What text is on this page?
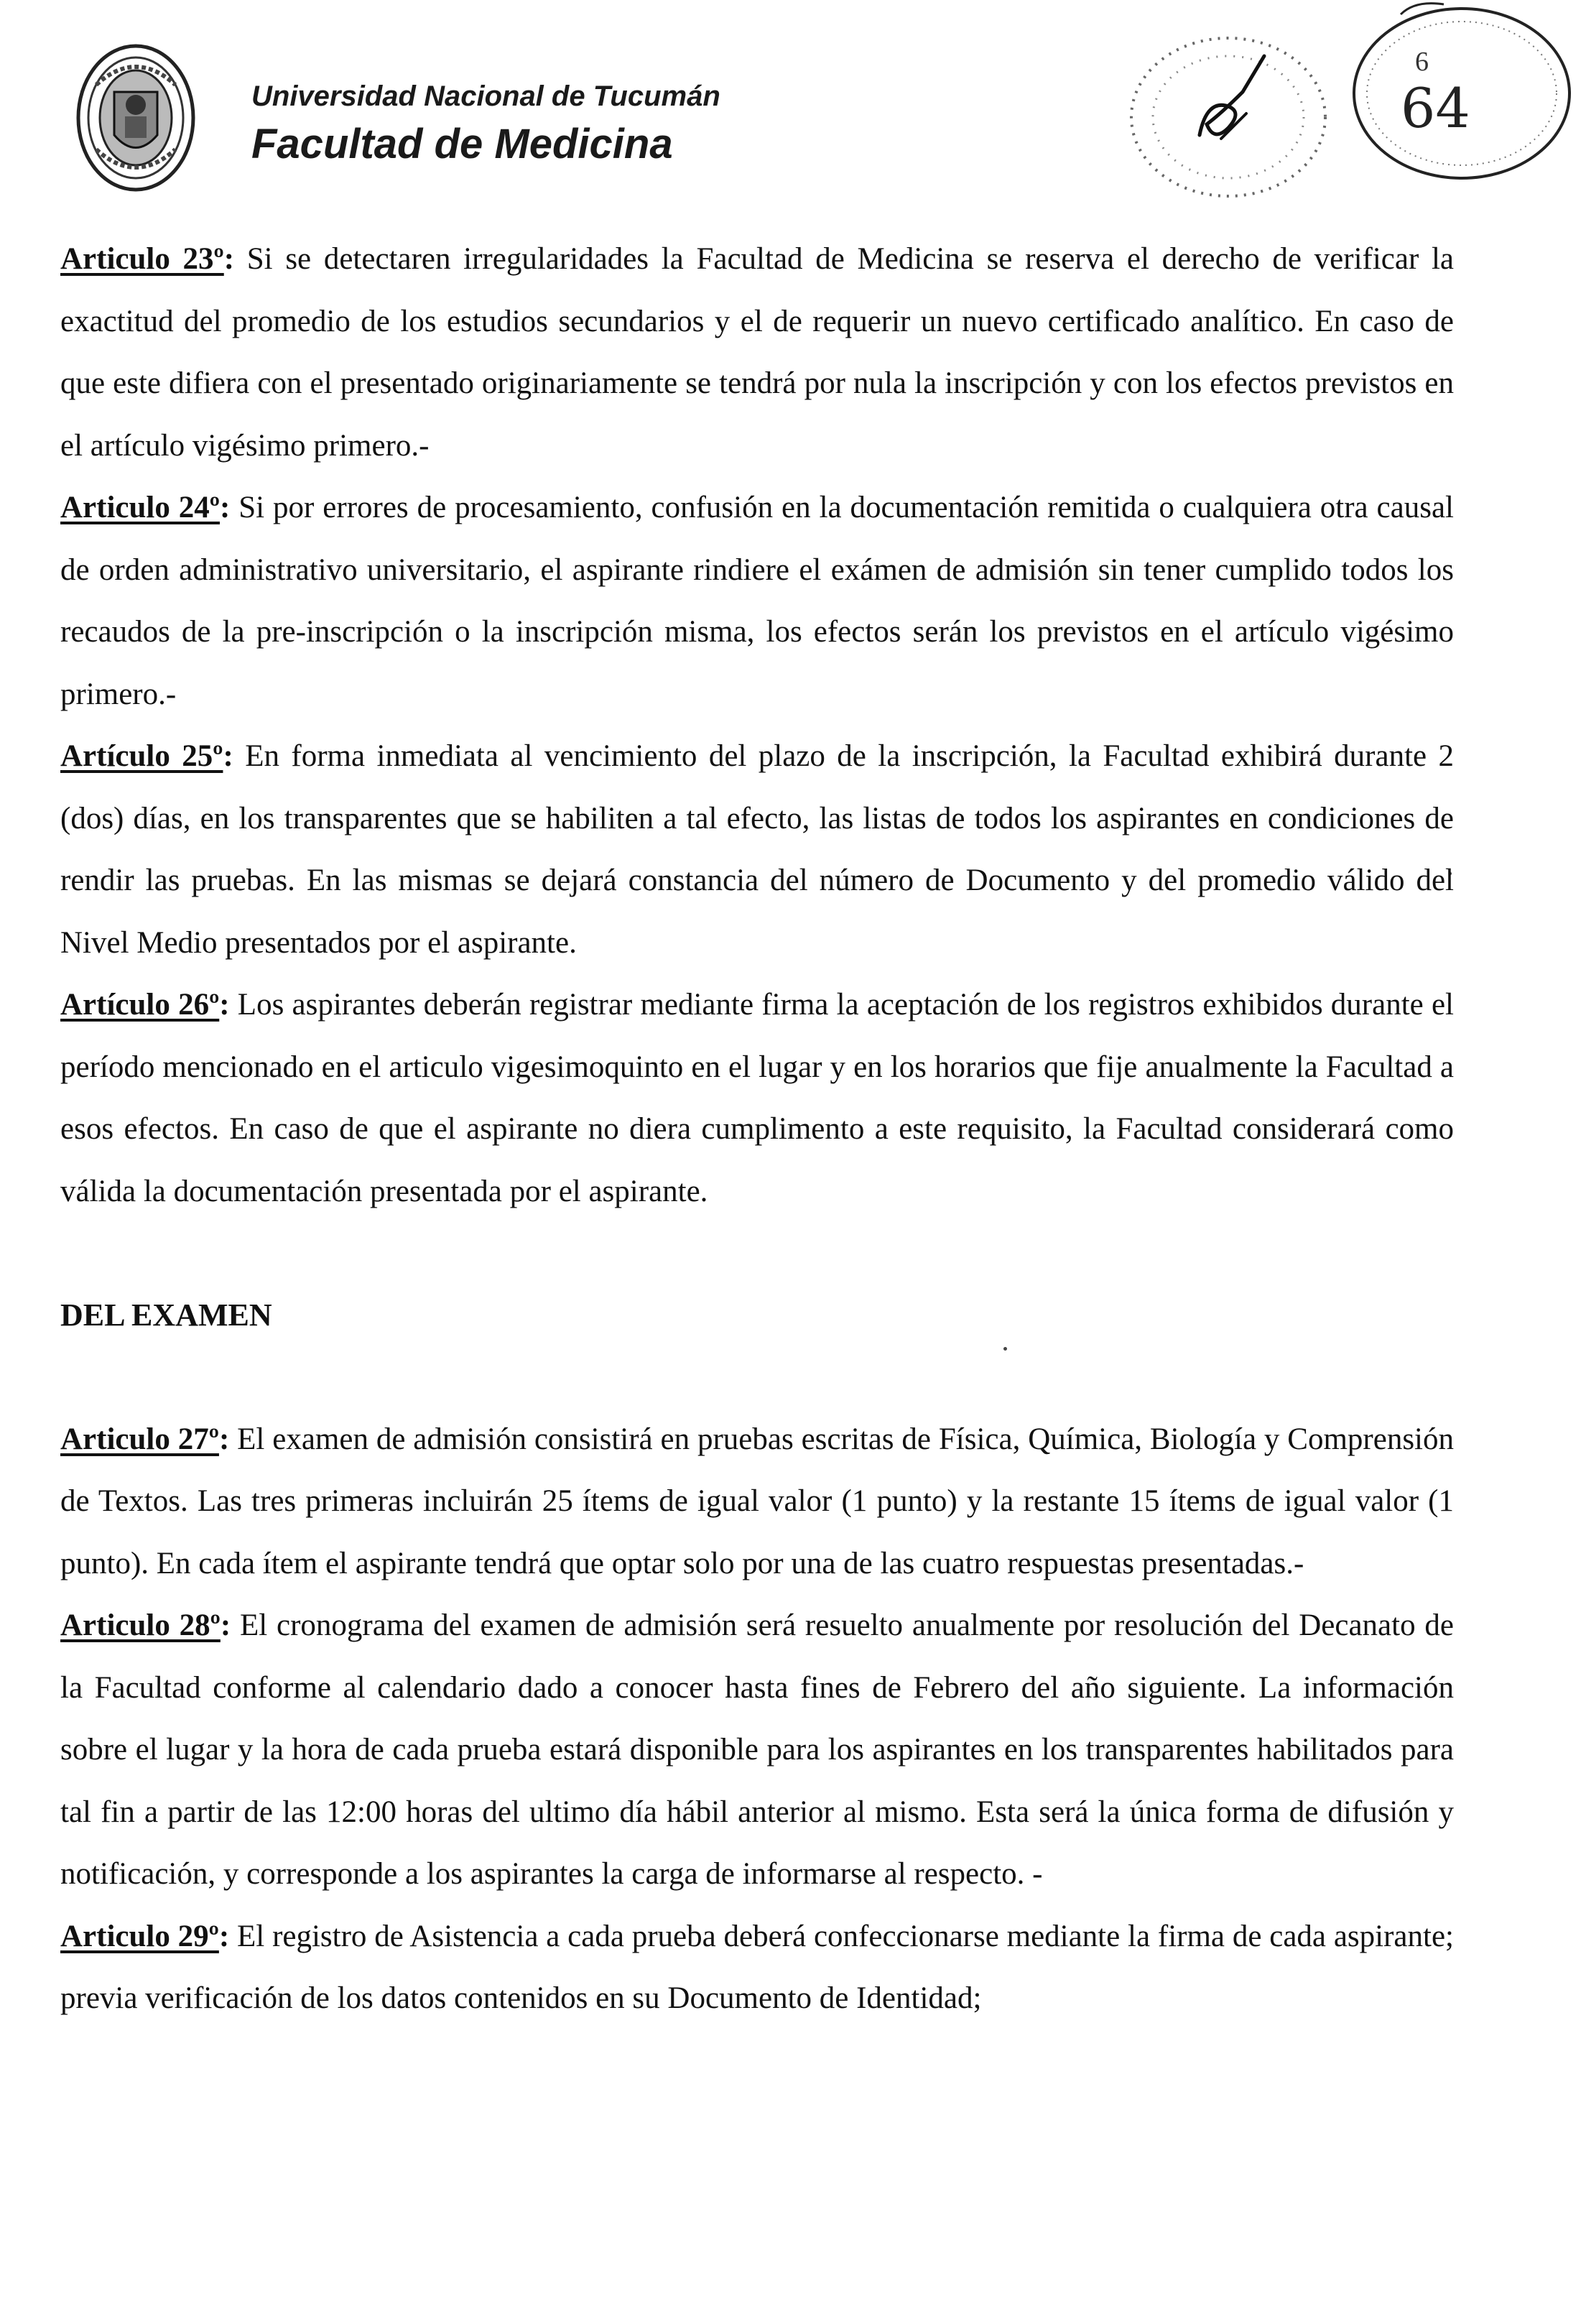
Universidad Nacional de Tucumán
Facultad de Medicina
6
64

Articulo 23º: Si se detectaren irregularidades la Facultad de Medicina se reserva el derecho de verificar la exactitud del promedio de los estudios secundarios y el de requerir un nuevo certificado analítico. En caso de que este difiera con el presentado originariamente se tendrá por nula la inscripción y con los efectos previstos en el artículo vigésimo primero.-

Articulo 24º: Si por errores de procesamiento, confusión en la documentación remitida o cualquiera otra causal de orden administrativo universitario, el aspirante rindiere el exámen de admisión sin tener cumplido todos los recaudos de la pre-inscripción o la inscripción misma, los efectos serán los previstos en el artículo vigésimo primero.-

Artículo 25º: En forma inmediata al vencimiento del plazo de la inscripción, la Facultad exhibirá durante 2 (dos) días, en los transparentes que se habiliten a tal efecto, las listas de todos los aspirantes en condiciones de rendir las pruebas. En las mismas se dejará constancia del número de Documento y del promedio válido del Nivel Medio presentados por el aspirante.

Artículo 26º: Los aspirantes deberán registrar mediante firma la aceptación de los registros exhibidos durante el período mencionado en el articulo vigesimoquinto en el lugar y en los horarios que fije anualmente la Facultad a esos efectos. En caso de que el aspirante no diera cumplimento a este requisito, la Facultad considerará como válida la documentación presentada por el aspirante.

DEL EXAMEN

Articulo 27º: El examen de admisión consistirá en pruebas escritas de Física, Química, Biología y Comprensión de Textos. Las tres primeras incluirán 25 ítems de igual valor (1 punto) y la restante 15 ítems de igual valor (1 punto). En cada ítem el aspirante tendrá que optar solo por una de las cuatro respuestas presentadas.-

Articulo 28º: El cronograma del examen de admisión será resuelto anualmente por resolución del Decanato de la Facultad conforme al calendario dado a conocer hasta fines de Febrero del año siguiente. La información sobre el lugar y la hora de cada prueba estará disponible para los aspirantes en los transparentes habilitados para tal fin a partir de las 12:00 horas del ultimo día hábil anterior al mismo. Esta será la única forma de difusión y notificación, y corresponde a los aspirantes la carga de informarse al respecto. -

Articulo 29º: El registro de Asistencia a cada prueba deberá confeccionarse mediante la firma de cada aspirante; previa verificación de los datos contenidos en su Documento de Identidad;
